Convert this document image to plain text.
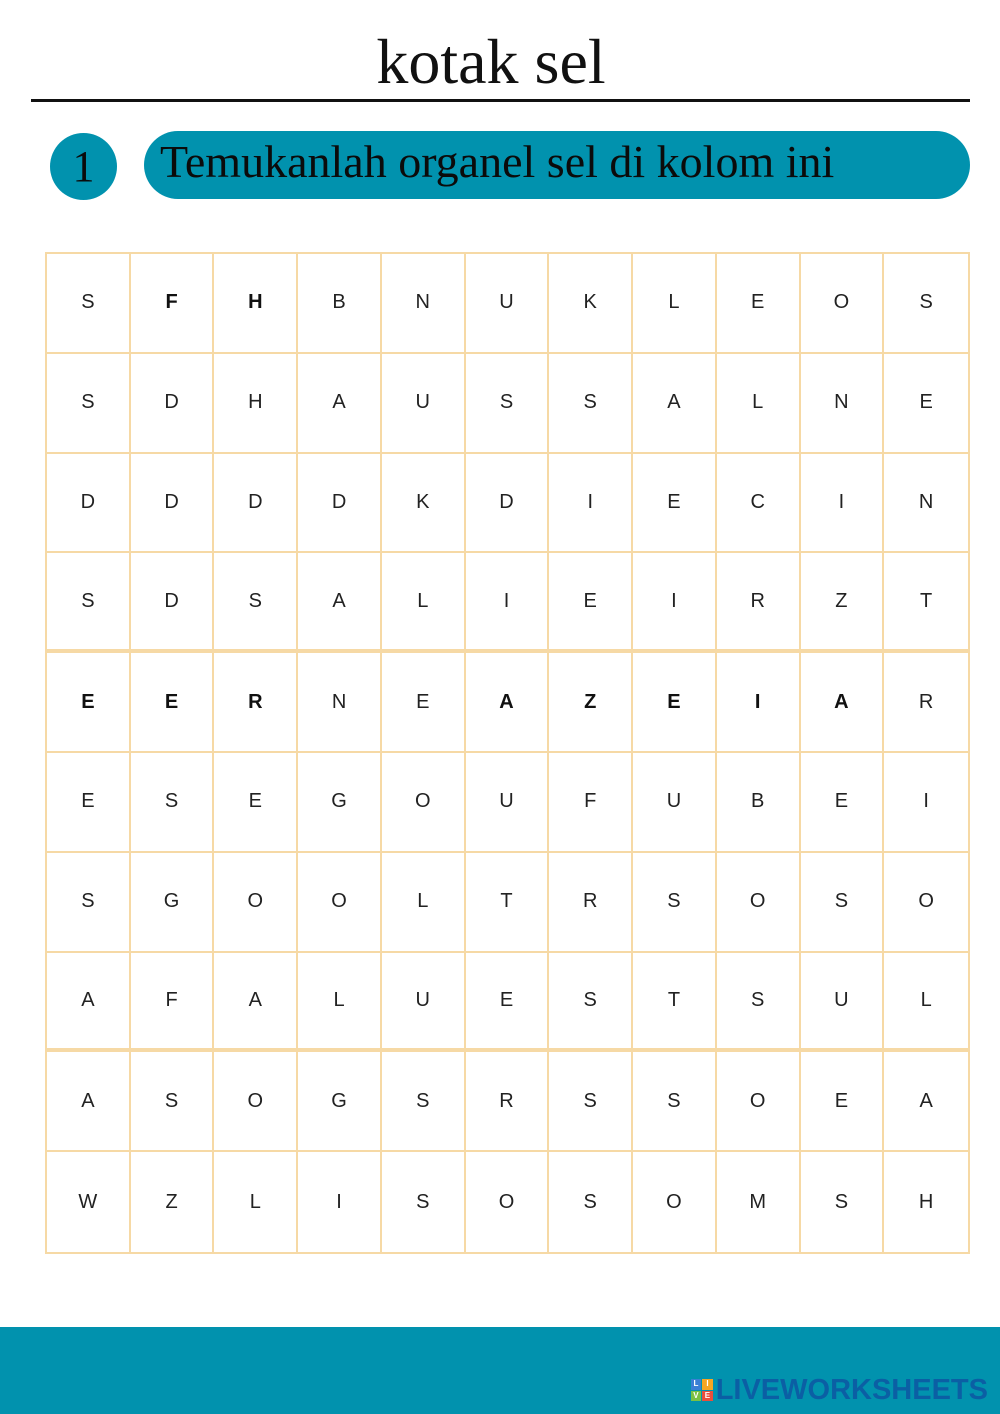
kotak sel
1	Temukanlah organel sel di kolom ini
S	F	H	B	N	U	K	L	E	O	S
S	D	H	A	U	S	S	A	L	N	E
D	D	D	D	K	D	I	E	C	I	N
S	D	S	A	L	I	E	I	R	Z	T
E	E	R	N	E	A	Z	E	I	A	R
E	S	E	G	O	U	F	U	B	E	I
S	G	O	O	L	T	R	S	O	S	O
A	F	A	L	U	E	S	T	S	U	L
A	S	O	G	S	R	S	S	O	E	A
W	Z	L	I	S	O	S	O	M	S	H
L I
V E LIVEWORKSHEETS
